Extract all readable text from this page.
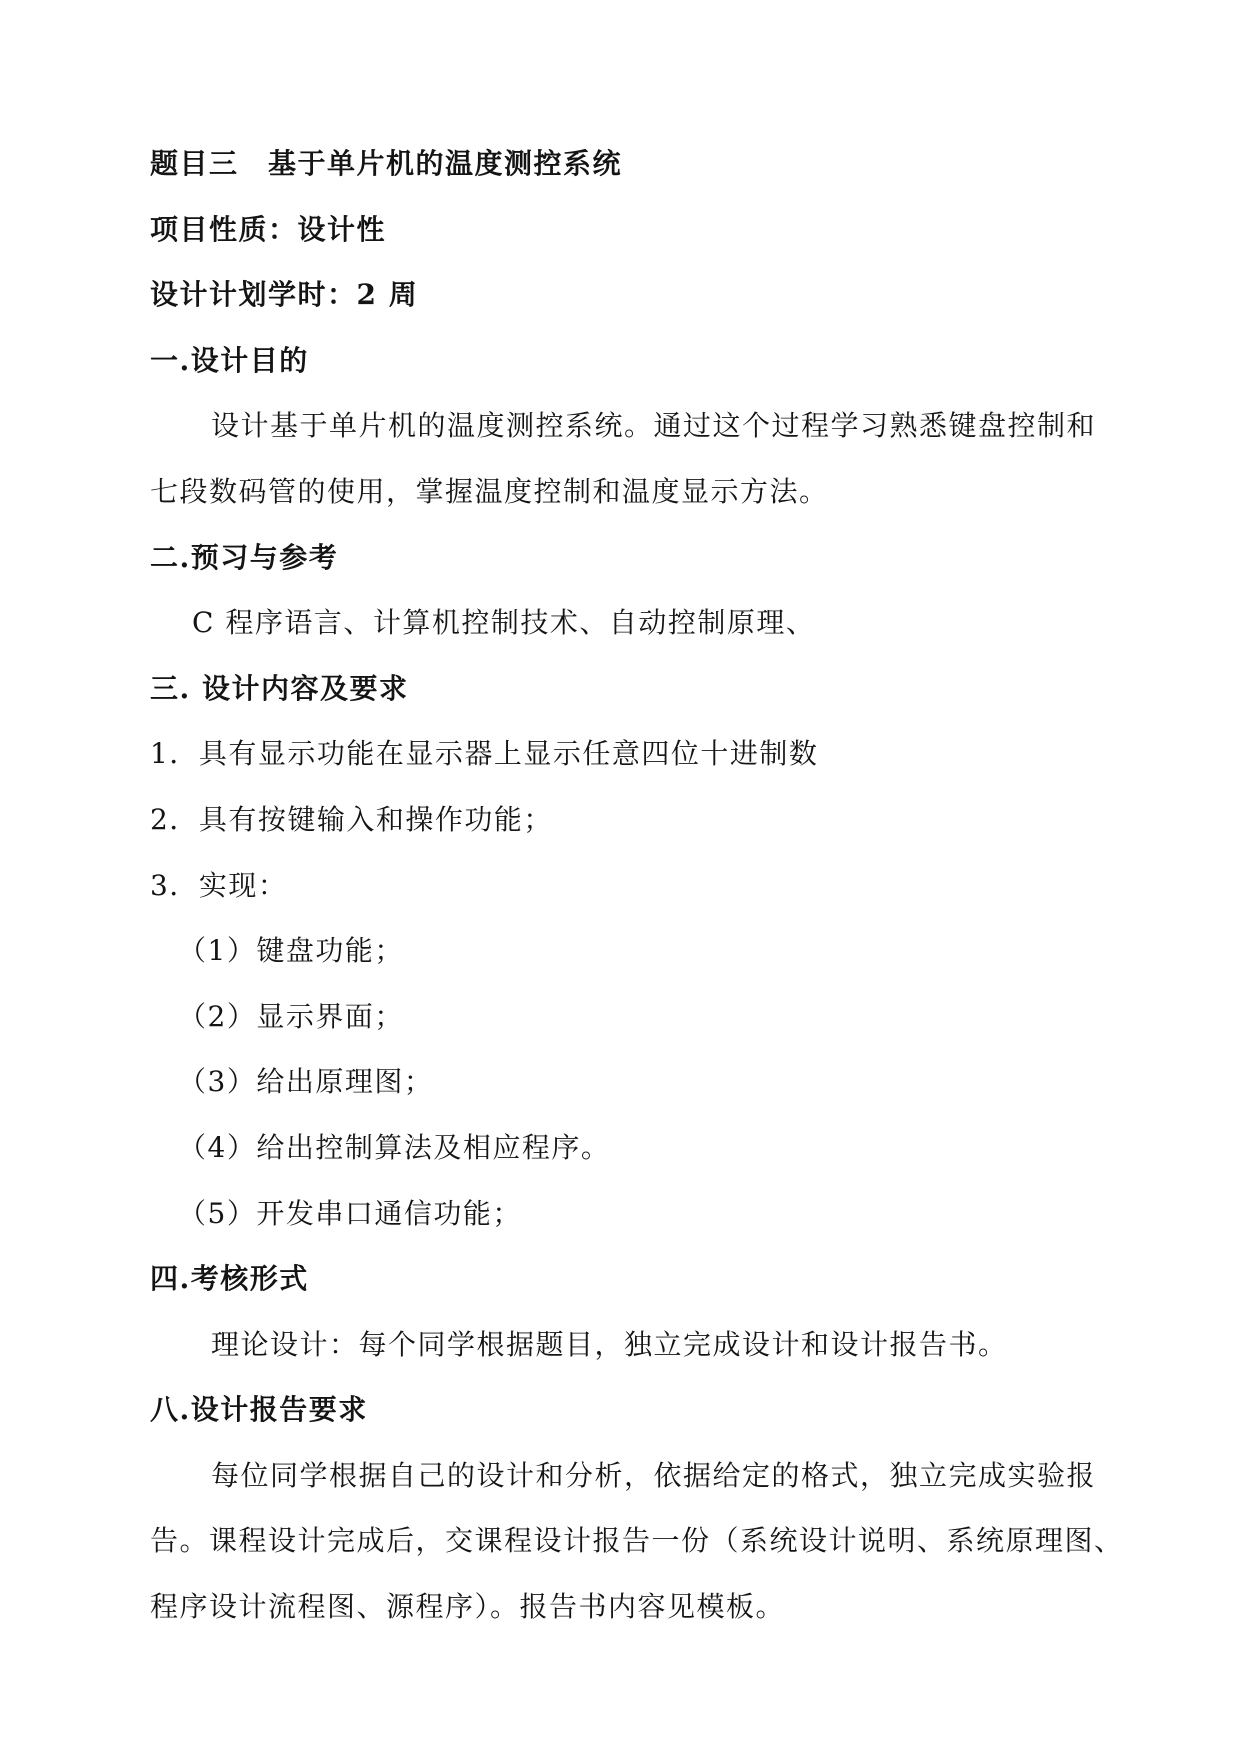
题目三　基于单片机的温度测控系统
项目性质：设计性
设计计划学时：2 周
一.设计目的
设计基于单片机的温度测控系统。通过这个过程学习熟悉键盘控制和
七段数码管的使用，掌握温度控制和温度显示方法。
二.预习与参考
C 程序语言、计算机控制技术、自动控制原理、
三. 设计内容及要求
1．具有显示功能在显示器上显示任意四位十进制数
2．具有按键输入和操作功能；
3．实现：
（1）键盘功能；
（2）显示界面；
（3）给出原理图；
（4）给出控制算法及相应程序。
（5）开发串口通信功能；
四.考核形式
理论设计：每个同学根据题目，独立完成设计和设计报告书。
八.设计报告要求
每位同学根据自己的设计和分析，依据给定的格式，独立完成实验报
告。课程设计完成后，交课程设计报告一份（系统设计说明、系统原理图、
程序设计流程图、源程序）。报告书内容见模板。
